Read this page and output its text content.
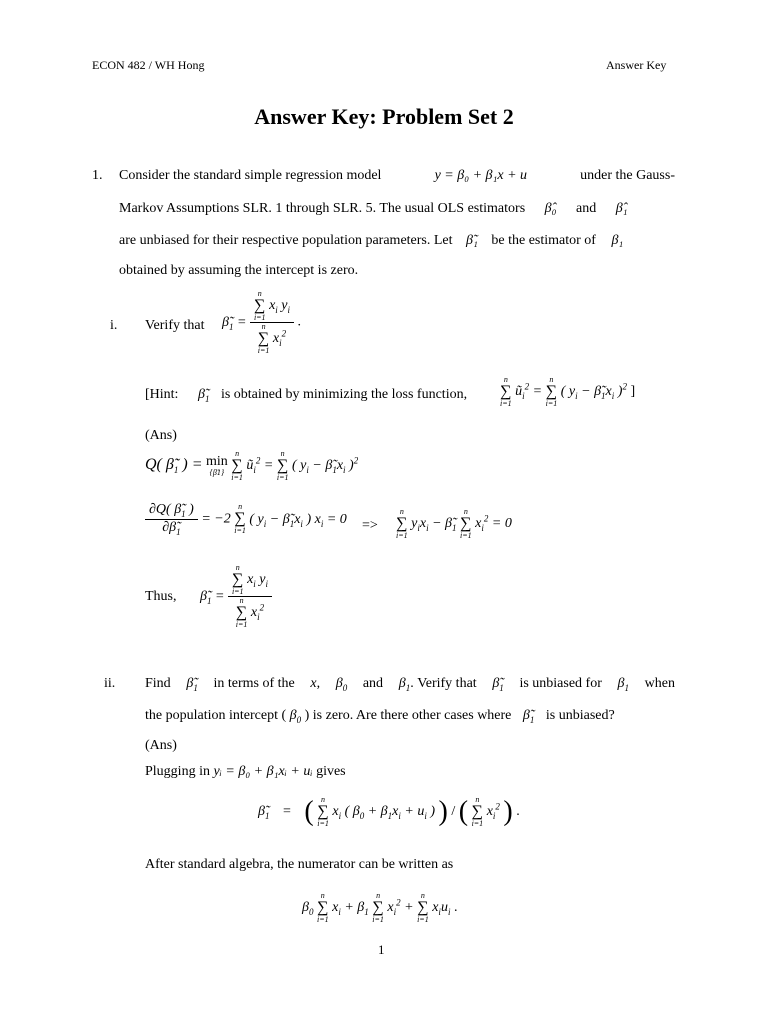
ECON 482 / WH Hong	Answer Key
Answer Key: Problem Set 2
1. Consider the standard simple regression model	y = β₀ + β₁x + u	under the Gauss-
Markov Assumptions SLR. 1 through SLR. 5. The usual OLS estimators β̂₀ and β̂₁
are unbiased for their respective population parameters. Let β̃₁ be the estimator of β₁
obtained by assuming the intercept is zero.
i. Verify that $\betã_1 = n$
∑
i=1
$x_i$ $y_i$
n
∑
i=1
$x_i^2$ .
[Hint: $\betã_1$ is obtained by minimizing the loss function,
n
∑
i=1
$ũ_i^2$ =
n
∑
i=1
( $y_i$ − $\betã_1x_i$ )$^2$ ]
(Ans)
Q( $\betã_1$ ) = min
{β̃1}

n
∑
i=1
$ũ_i^2$ =
n
∑
i=1
( $y_i$ − $\betã_1x_i$ )$^2$
$\frac{\partial Q( \betã_1 )}{\partial\betã_1} = -2$
n
∑
i=1
( $y_i$ − $\betã_1x_i$ ) $x_i = 0$ =>
n
∑
i=1
$y_ix_i$ − $\betã_1$
n
∑
i=1
$x_i^2 = 0$
Thus, $\betã_1 = n$
∑
i=1
$x_i$ $y_i$
n
∑
i=1
$x_i^2$
ii. Find $\betã_1$ in terms of the x, $\beta_0$ and $\beta_1$. Verify that $\betã_1$ is unbiased for $\beta_1$ when
the population intercept ( $\beta_0$ ) is zero. Are there other cases where $\betã_1$ is unbiased?
(Ans)
Plugging in yᵢ = β₀ + β₁xᵢ + uᵢ gives
$\betã_1$ = ( n
∑
i=1
$x_i$ ( $\beta_0 + \beta_1x_i + u_i$ ) ) / ( n
∑
i=1
$x_i^2$ ) .
After standard algebra, the numerator can be written as
$\beta_0$
n
∑
i=1
$x_i + \beta_1$
n
∑
i=1
$x_i^2$ +
n
∑
i=1
$x_iu_i$ .
1
